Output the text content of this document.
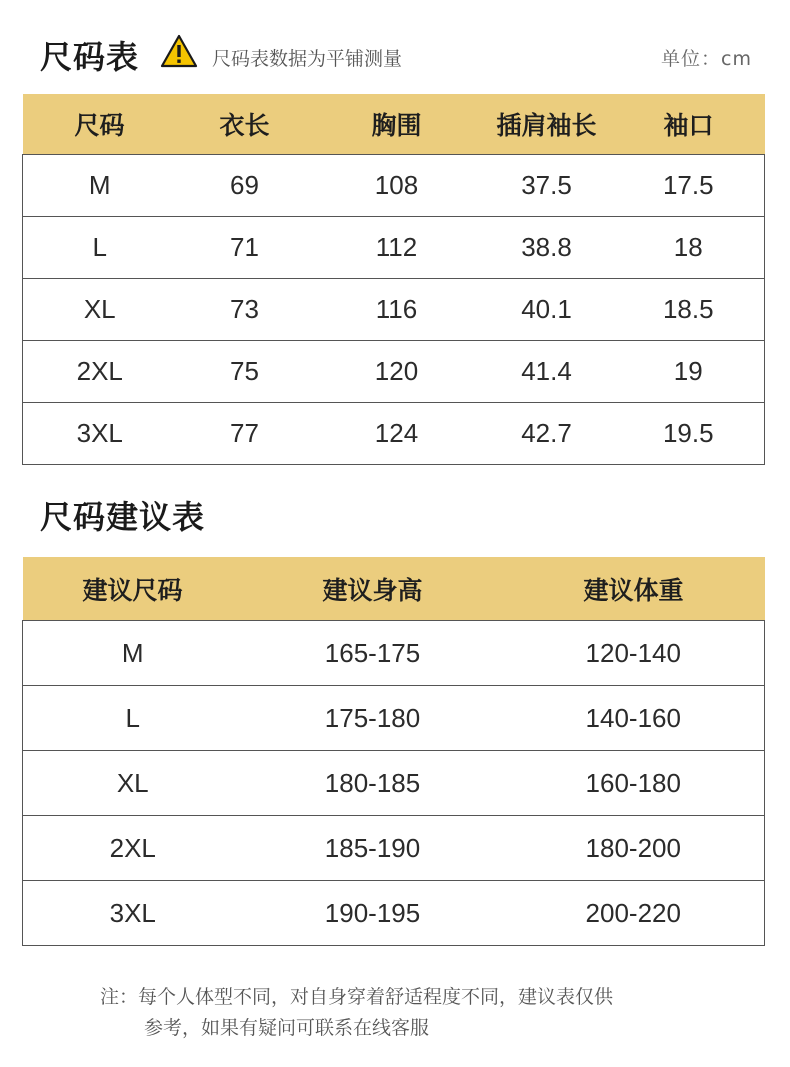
尺码表	尺码表数据为平铺测量	单位：cm
尺码	衣长	胸围	插肩袖长	袖口
M	69	108	37.5	17.5
L	71	112	38.8	18
XL	73	116	40.1	18.5
2XL	75	120	41.4	19
3XL	77	124	42.7	19.5
尺码建议表
建议尺码	建议身高	建议体重
M	165-175	120-140
L	175-180	140-160
XL	180-185	160-180
2XL	185-190	180-200
3XL	190-195	200-220
注：每个人体型不同，对自身穿着舒适程度不同，建议表仅供
参考，如果有疑问可联系在线客服
